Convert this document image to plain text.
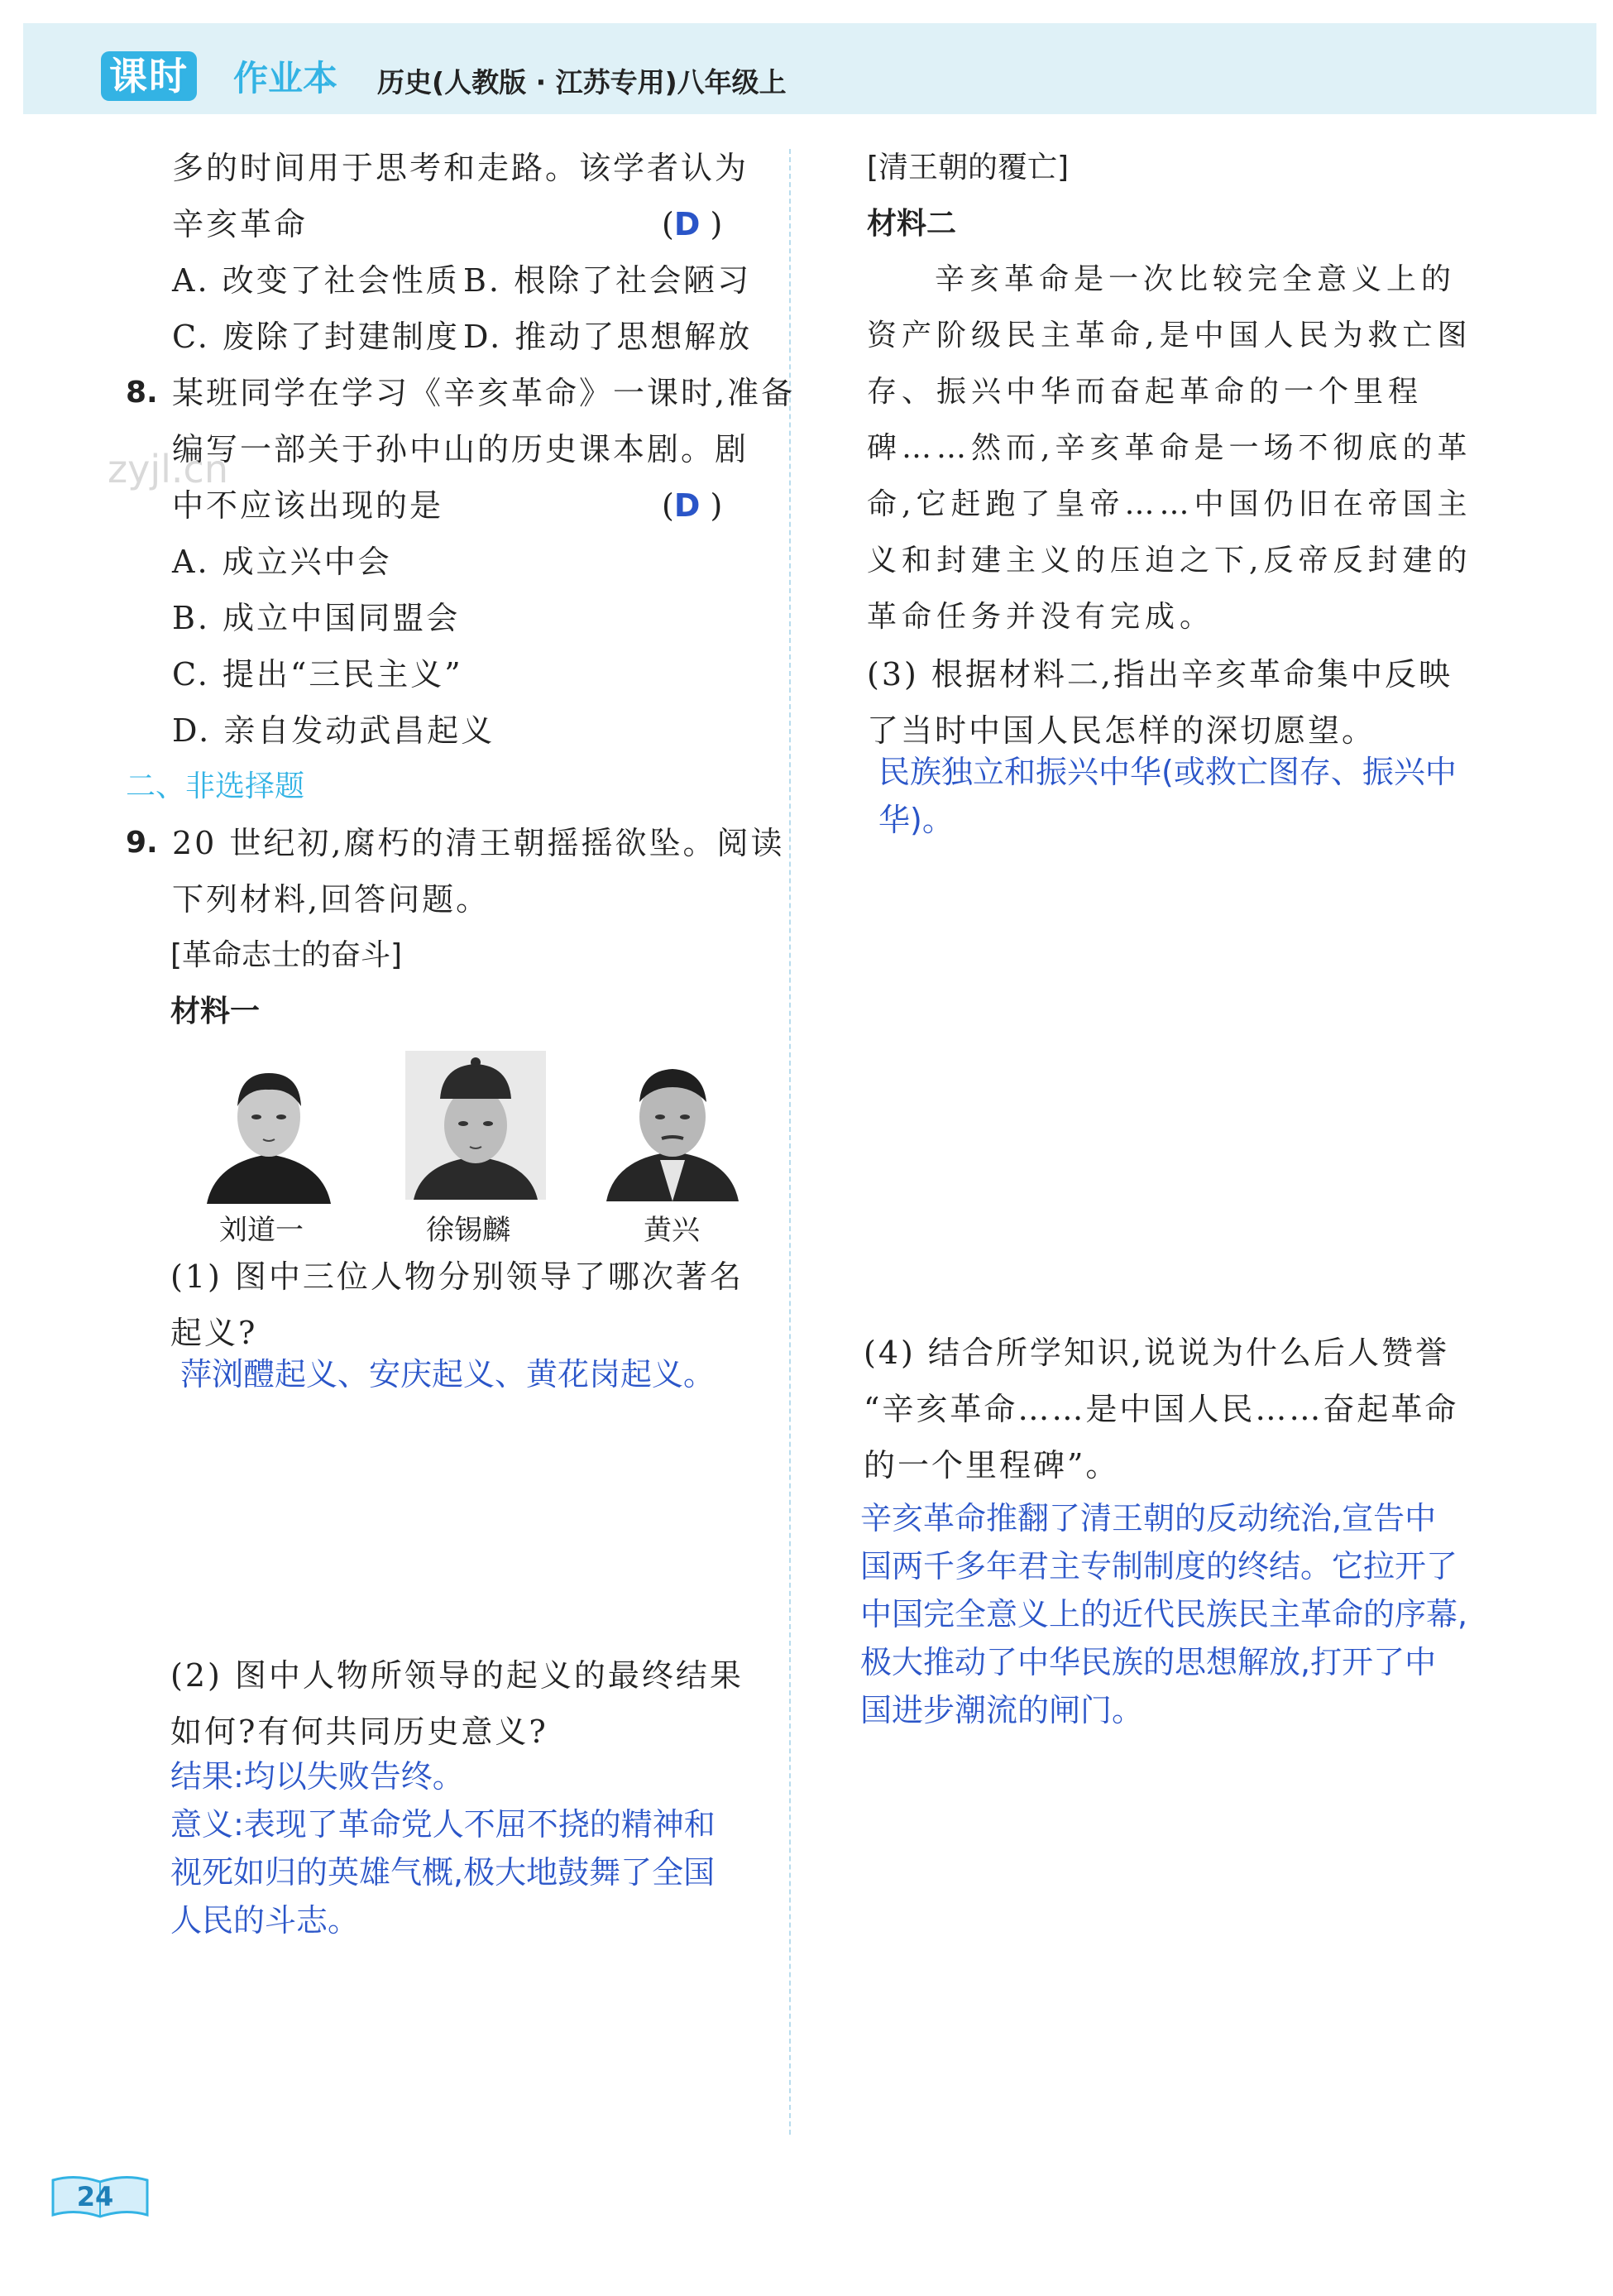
课时 作业本 历史(人教版 · 江苏专用)八年级上
zyjl.cn
多的时间用于思考和走路。该学者认为
辛亥革命	(D )
A. 改变了社会性质 B. 根除了社会陋习
C. 废除了封建制度 D. 推动了思想解放
8. 某班同学在学习《辛亥革命》一课时,准备
编写一部关于孙中山的历史课本剧。剧
中不应该出现的是	(D )
A. 成立兴中会
B. 成立中国同盟会
C. 提出“三民主义”
D. 亲自发动武昌起义
二、非选择题
9. 20 世纪初,腐朽的清王朝摇摇欲坠。阅读
下列材料,回答问题。
[革命志士的奋斗]
材料一
刘道一	徐锡麟	黄兴
(1) 图中三位人物分别领导了哪次著名
起义?
萍浏醴起义、安庆起义、黄花岗起义。
(2) 图中人物所领导的起义的最终结果
如何?有何共同历史意义?
结果:均以失败告终。
意义:表现了革命党人不屈不挠的精神和
视死如归的英雄气概,极大地鼓舞了全国
人民的斗志。
[清王朝的覆亡]
材料二
辛亥革命是一次比较完全意义上的
资产阶级民主革命,是中国人民为救亡图
存、振兴中华而奋起革命的一个里程
碑……然而,辛亥革命是一场不彻底的革
命,它赶跑了皇帝……中国仍旧在帝国主
义和封建主义的压迫之下,反帝反封建的
革命任务并没有完成。
(3) 根据材料二,指出辛亥革命集中反映
了当时中国人民怎样的深切愿望。
民族独立和振兴中华(或救亡图存、振兴中
华)。
(4) 结合所学知识,说说为什么后人赞誉
“辛亥革命……是中国人民……奋起革命
的一个里程碑”。
辛亥革命推翻了清王朝的反动统治,宣告中
国两千多年君主专制制度的终结。它拉开了
中国完全意义上的近代民族民主革命的序幕,
极大推动了中华民族的思想解放,打开了中
国进步潮流的闸门。
24
